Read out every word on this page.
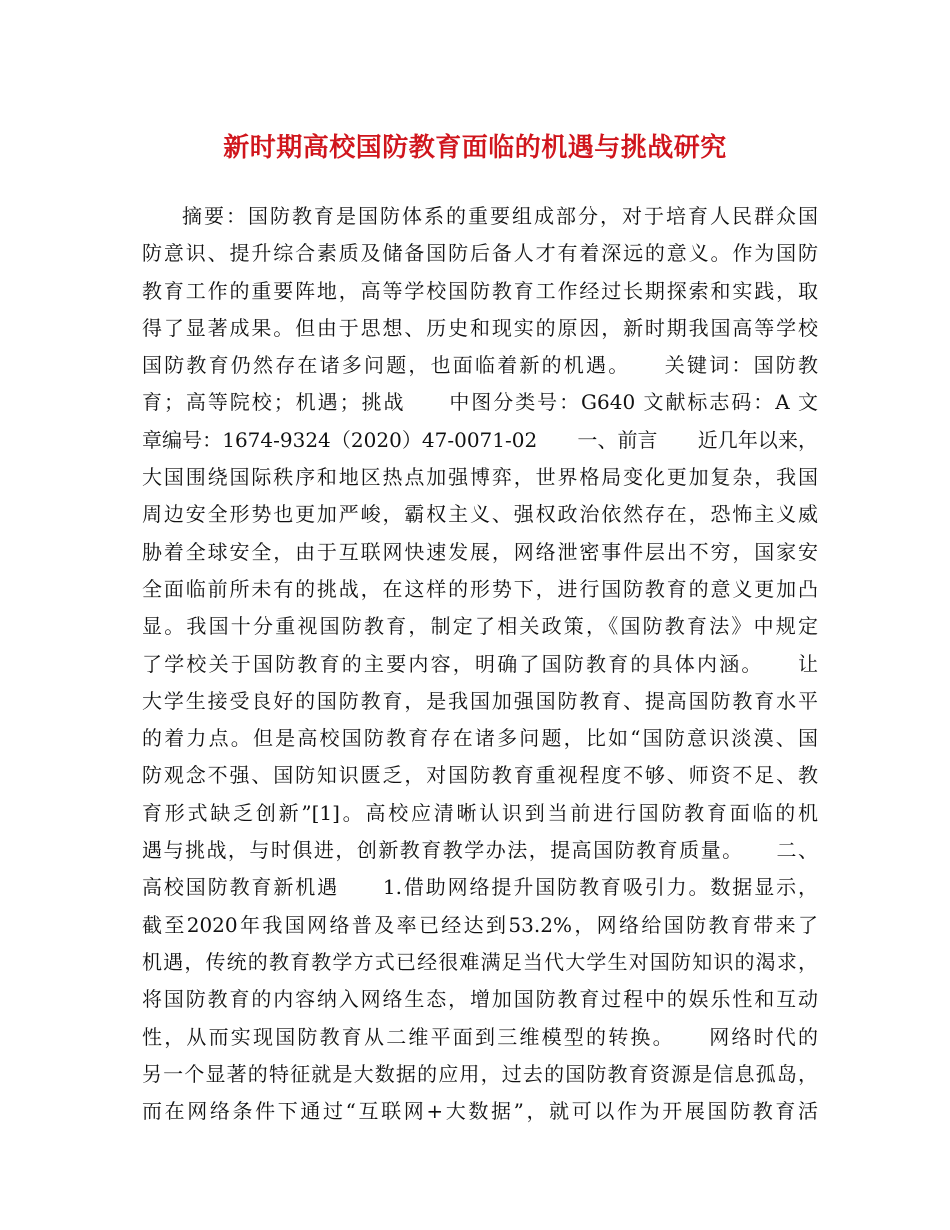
新时期高校国防教育面临的机遇与挑战研究
摘要：国防教育是国防体系的重要组成部分，对于培育人民群众国
防意识、提升综合素质及储备国防后备人才有着深远的意义。作为国防
教育工作的重要阵地，高等学校国防教育工作经过长期探索和实践，取
得了显著成果。但由于思想、历史和现实的原因，新时期我国高等学校
国防教育仍然存在诸多问题，也面临着新的机遇。　　关键词：国防教
育；高等院校；机遇；挑战　　中图分类号：G640 文献标志码：A 文
章编号：1674-9324（2020）47-0071-02　　一、前言　　近几年以来，
大国围绕国际秩序和地区热点加强博弈，世界格局变化更加复杂，我国
周边安全形势也更加严峻，霸权主义、强权政治依然存在，恐怖主义威
胁着全球安全，由于互联网快速发展，网络泄密事件层出不穷，国家安
全面临前所未有的挑战，在这样的形势下，进行国防教育的意义更加凸
显。我国十分重视国防教育，制定了相关政策，《国防教育法》中规定
了学校关于国防教育的主要内容，明确了国防教育的具体内涵。　　让
大学生接受良好的国防教育，是我国加强国防教育、提高国防教育水平
的着力点。但是高校国防教育存在诸多问题，比如“国防意识淡漠、国
防观念不强、国防知识匮乏，对国防教育重视程度不够、师资不足、教
育形式缺乏创新”[1]。高校应清晰认识到当前进行国防教育面临的机
遇与挑战，与时俱进，创新教育教学办法，提高国防教育质量。　　二、
高校国防教育新机遇　　1.借助网络提升国防教育吸引力。数据显示，
截至2020年我国网络普及率已经达到53.2%，网络给国防教育带来了
机遇，传统的教育教学方式已经很难满足当代大学生对国防知识的渴求，
将国防教育的内容纳入网络生态，增加国防教育过程中的娱乐性和互动
性，从而实现国防教育从二维平面到三维模型的转换。　　网络时代的
另一个显著的特征就是大数据的应用，过去的国防教育资源是信息孤岛，
而在网络条件下通过“互联网+大数据”，就可以作为开展国防教育活
